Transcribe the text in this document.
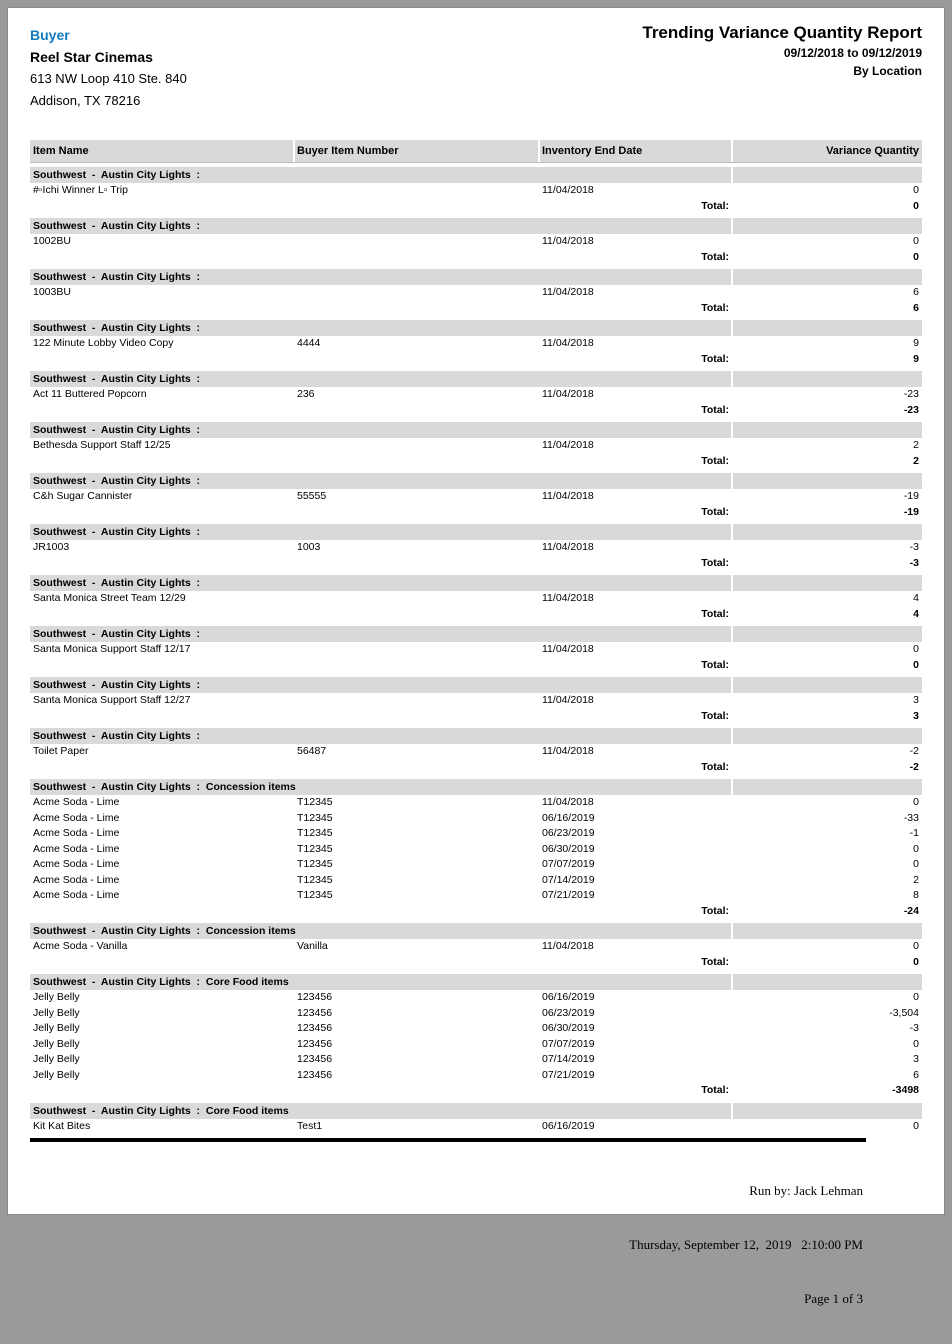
Buyer
Reel Star Cinemas
613 NW Loop 410 Ste. 840
Addison, TX 78216
Trending Variance Quantity Report
09/12/2018 to 09/12/2019
By Location
Item Name	Buyer Item Number	Inventory End Date	Variance Quantity
Southwest  -  Austin City Lights  :
#▫Ichi Winner L▫ Trip	11/04/2018	0
Total:	0
Southwest  -  Austin City Lights  :
1002BU	11/04/2018	0
Total:	0
Southwest  -  Austin City Lights  :
1003BU	11/04/2018	6
Total:	6
Southwest  -  Austin City Lights  :
122 Minute Lobby Video Copy	4444	11/04/2018	9
Total:	9
Southwest  -  Austin City Lights  :
Act 11 Buttered Popcorn	236	11/04/2018	-23
Total:	-23
Southwest  -  Austin City Lights  :
Bethesda Support Staff 12/25	11/04/2018	2
Total:	2
Southwest  -  Austin City Lights  :
C&h Sugar Cannister	55555	11/04/2018	-19
Total:	-19
Southwest  -  Austin City Lights  :
JR1003	1003	11/04/2018	-3
Total:	-3
Southwest  -  Austin City Lights  :
Santa Monica Street Team 12/29	11/04/2018	4
Total:	4
Southwest  -  Austin City Lights  :
Santa Monica Support Staff 12/17	11/04/2018	0
Total:	0
Southwest  -  Austin City Lights  :
Santa Monica Support Staff 12/27	11/04/2018	3
Total:	3
Southwest  -  Austin City Lights  :
Toilet Paper	56487	11/04/2018	-2
Total:	-2
Southwest  -  Austin City Lights  :  Concession items
Acme Soda - Lime	T12345	11/04/2018	0
Acme Soda - Lime	T12345	06/16/2019	-33
Acme Soda - Lime	T12345	06/23/2019	-1
Acme Soda - Lime	T12345	06/30/2019	0
Acme Soda - Lime	T12345	07/07/2019	0
Acme Soda - Lime	T12345	07/14/2019	2
Acme Soda - Lime	T12345	07/21/2019	8
Total:	-24
Southwest  -  Austin City Lights  :  Concession items
Acme Soda - Vanilla	Vanilla	11/04/2018	0
Total:	0
Southwest  -  Austin City Lights  :  Core Food items
Jelly Belly	123456	06/16/2019	0
Jelly Belly	123456	06/23/2019	-3,504
Jelly Belly	123456	06/30/2019	-3
Jelly Belly	123456	07/07/2019	0
Jelly Belly	123456	07/14/2019	3
Jelly Belly	123456	07/21/2019	6
Total:	-3498
Southwest  -  Austin City Lights  :  Core Food items
Kit Kat Bites	Test1	06/16/2019	0

Run by: Jack Lehman

Thursday, September 12,  2019   2:10:00 PM

Page 1 of 3
